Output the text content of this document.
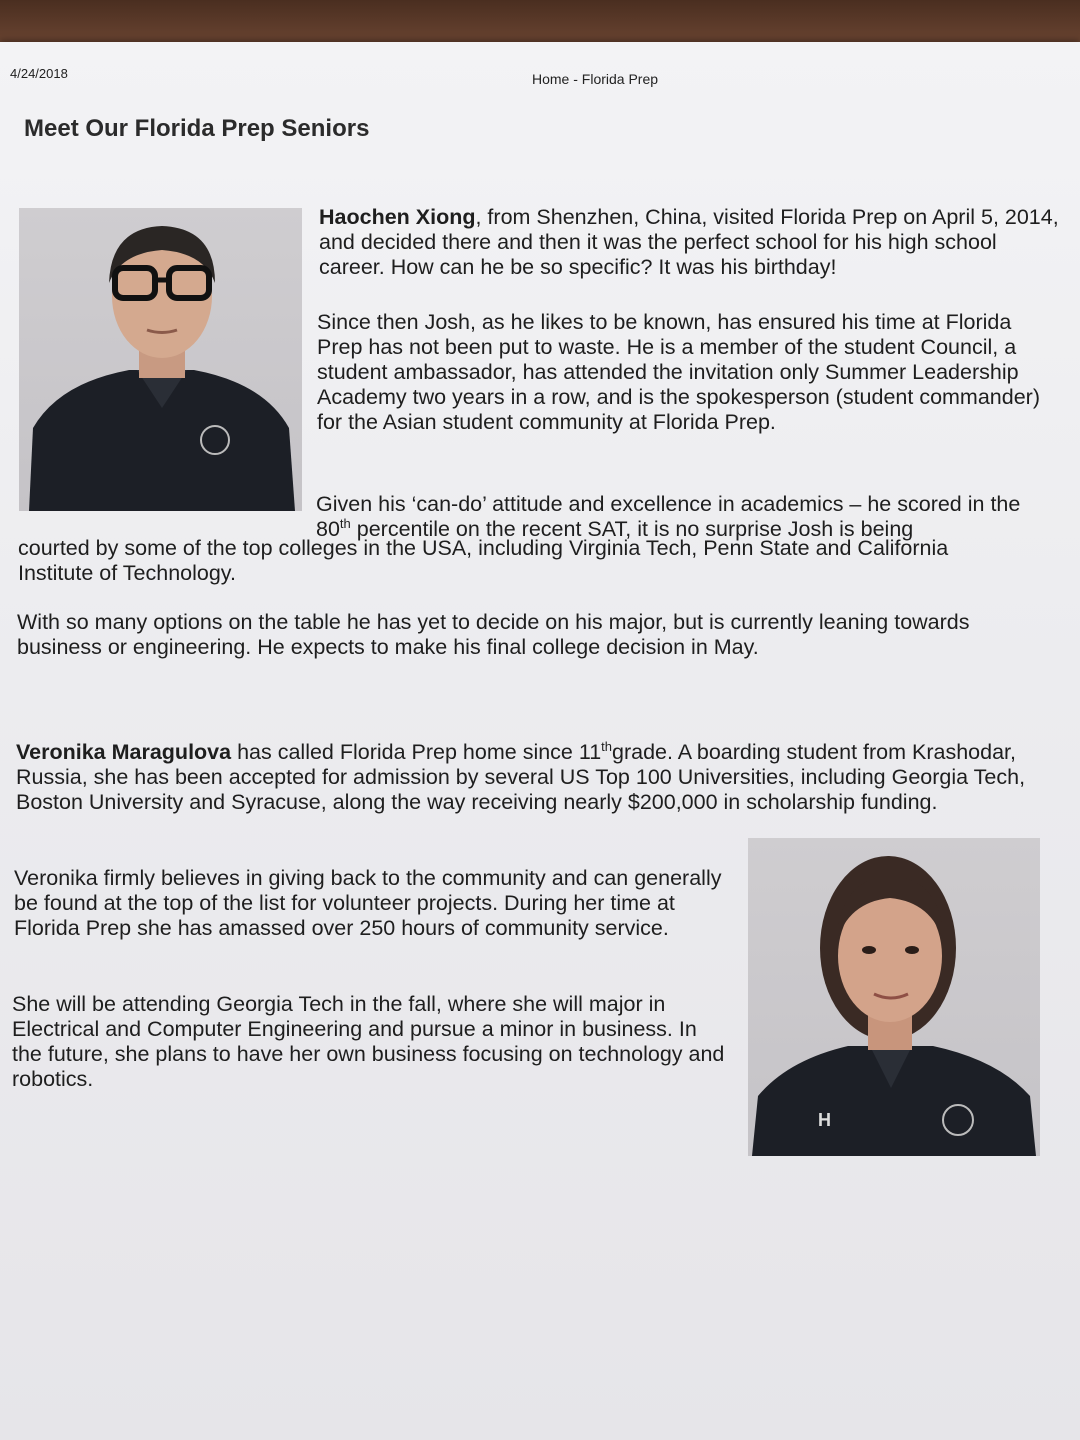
4/24/2018	Home - Florida Prep
Meet Our Florida Prep Seniors

Haochen Xiong, from Shenzhen, China, visited Florida Prep on April 5, 2014, and decided there and then it was the perfect school for his high school career. How can he be so specific? It was his birthday!

Since then Josh, as he likes to be known, has ensured his time at Florida Prep has not been put to waste. He is a member of the student Council, a student ambassador, has attended the invitation only Summer Leadership Academy two years in a row, and is the spokesperson (student commander) for the Asian student community at Florida Prep.

Given his ‘can-do’ attitude and excellence in academics – he scored in the 80th percentile on the recent SAT, it is no surprise Josh is being

courted by some of the top colleges in the USA, including Virginia Tech, Penn State and California Institute of Technology.

With so many options on the table he has yet to decide on his major, but is currently leaning towards business or engineering. He expects to make his final college decision in May.

Veronika Maragulova has called Florida Prep home since 11thgrade. A boarding student from Krashodar, Russia, she has been accepted for admission by several US Top 100 Universities, including Georgia Tech, Boston University and Syracuse, along the way receiving nearly $200,000 in scholarship funding.

Veronika firmly believes in giving back to the community and can generally be found at the top of the list for volunteer projects. During her time at Florida Prep she has amassed over 250 hours of community service.

She will be attending Georgia Tech in the fall, where she will major in Electrical and Computer Engineering and pursue a minor in business. In the future, she plans to have her own business focusing on technology and robotics.

H
